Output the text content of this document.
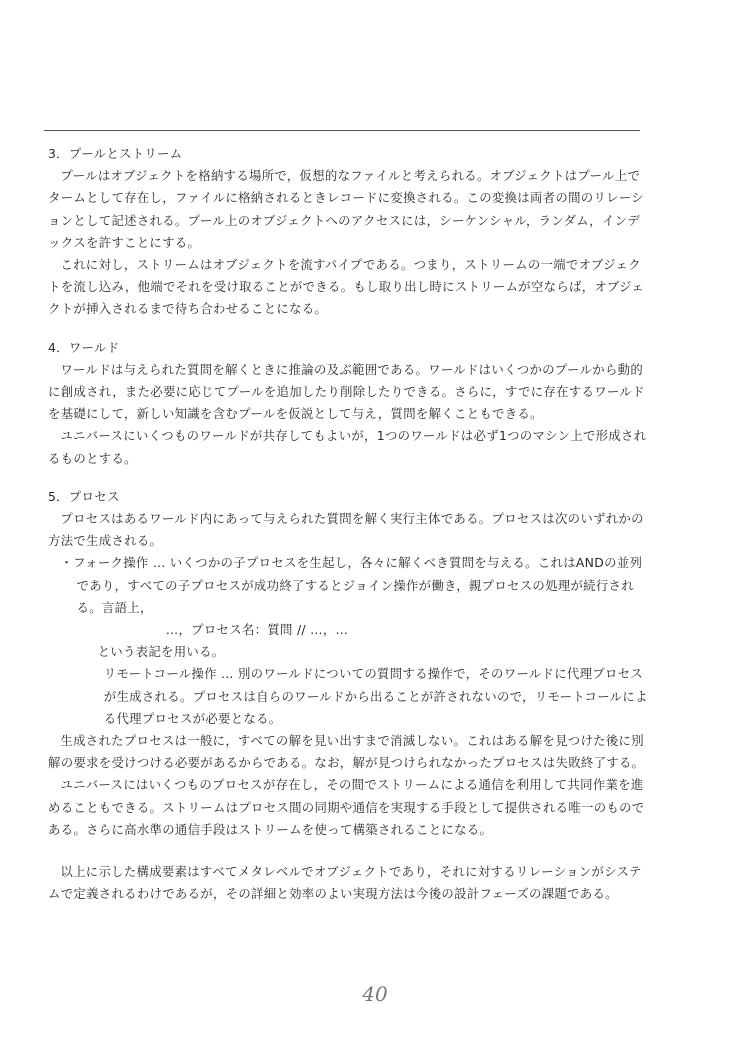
3．プールとストリーム
プールはオブジェクトを格納する場所で，仮想的なファイルと考えられる。オブジェクトはプール上でタームとして存在し，ファイルに格納されるときレコードに変換される。この変換は両者の間のリレーションとして記述される。プール上のオブジェクトへのアクセスには，シーケンシャル，ランダム，インデックスを許すことにする。
これに対し，ストリームはオブジェクトを流すパイプである。つまり，ストリームの一端でオブジェクトを流し込み，他端でそれを受け取ることができる。もし取り出し時にストリームが空ならば，オブジェクトが挿入されるまで待ち合わせることになる。
4．ワールド
ワールドは与えられた質問を解くときに推論の及ぶ範囲である。ワールドはいくつかのプールから動的に創成され，また必要に応じてプールを追加したり削除したりできる。さらに，すでに存在するワールドを基礎にして，新しい知識を含むプールを仮説として与え，質問を解くこともできる。
ユニバースにいくつものワールドが共存してもよいが，1つのワールドは必ず1つのマシン上で形成されるものとする。
5．プロセス
プロセスはあるワールド内にあって与えられた質問を解く実行主体である。プロセスは次のいずれかの方法で生成される。
・フォーク操作 … いくつかの子プロセスを生起し，各々に解くべき質問を与える。これはANDの並列であり，すべての子プロセスが成功終了するとジョイン操作が働き，親プロセスの処理が続行される。言語上，
…，プロセス名：質問 // …，…
という表記を用いる。
リモートコール操作 … 別のワールドについての質問する操作で，そのワールドに代理プロセスが生成される。プロセスは自らのワールドから出ることが許されないので，リモートコールによる代理プロセスが必要となる。
生成されたプロセスは一般に，すべての解を見い出すまで消滅しない。これはある解を見つけた後に別解の要求を受けつける必要があるからである。なお，解が見つけられなかったプロセスは失敗終了する。
ユニバースにはいくつものプロセスが存在し，その間でストリームによる通信を利用して共同作業を進めることもできる。ストリームはプロセス間の同期や通信を実現する手段として提供される唯一のものである。さらに高水準の通信手段はストリームを使って構築されることになる。
以上に示した構成要素はすべてメタレベルでオブジェクトであり，それに対するリレーションがシステムで定義されるわけであるが，その詳細と効率のよい実現方法は今後の設計フェーズの課題である。
40
